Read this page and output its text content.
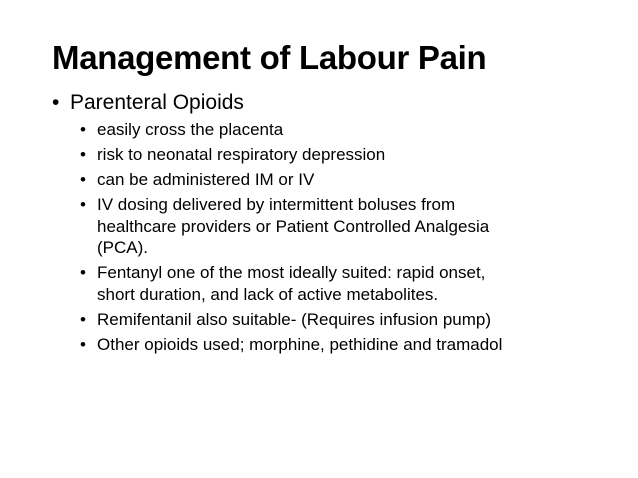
Management of Labour Pain
• Parenteral Opioids
• easily cross the placenta
• risk to neonatal respiratory depression
• can be administered IM or IV
• IV dosing delivered by intermittent boluses from
healthcare providers or Patient Controlled Analgesia
(PCA).
• Fentanyl one of the most ideally suited: rapid onset,
short duration, and lack of active metabolites.
• Remifentanil also suitable- (Requires infusion pump)
• Other opioids used; morphine, pethidine and tramadol
